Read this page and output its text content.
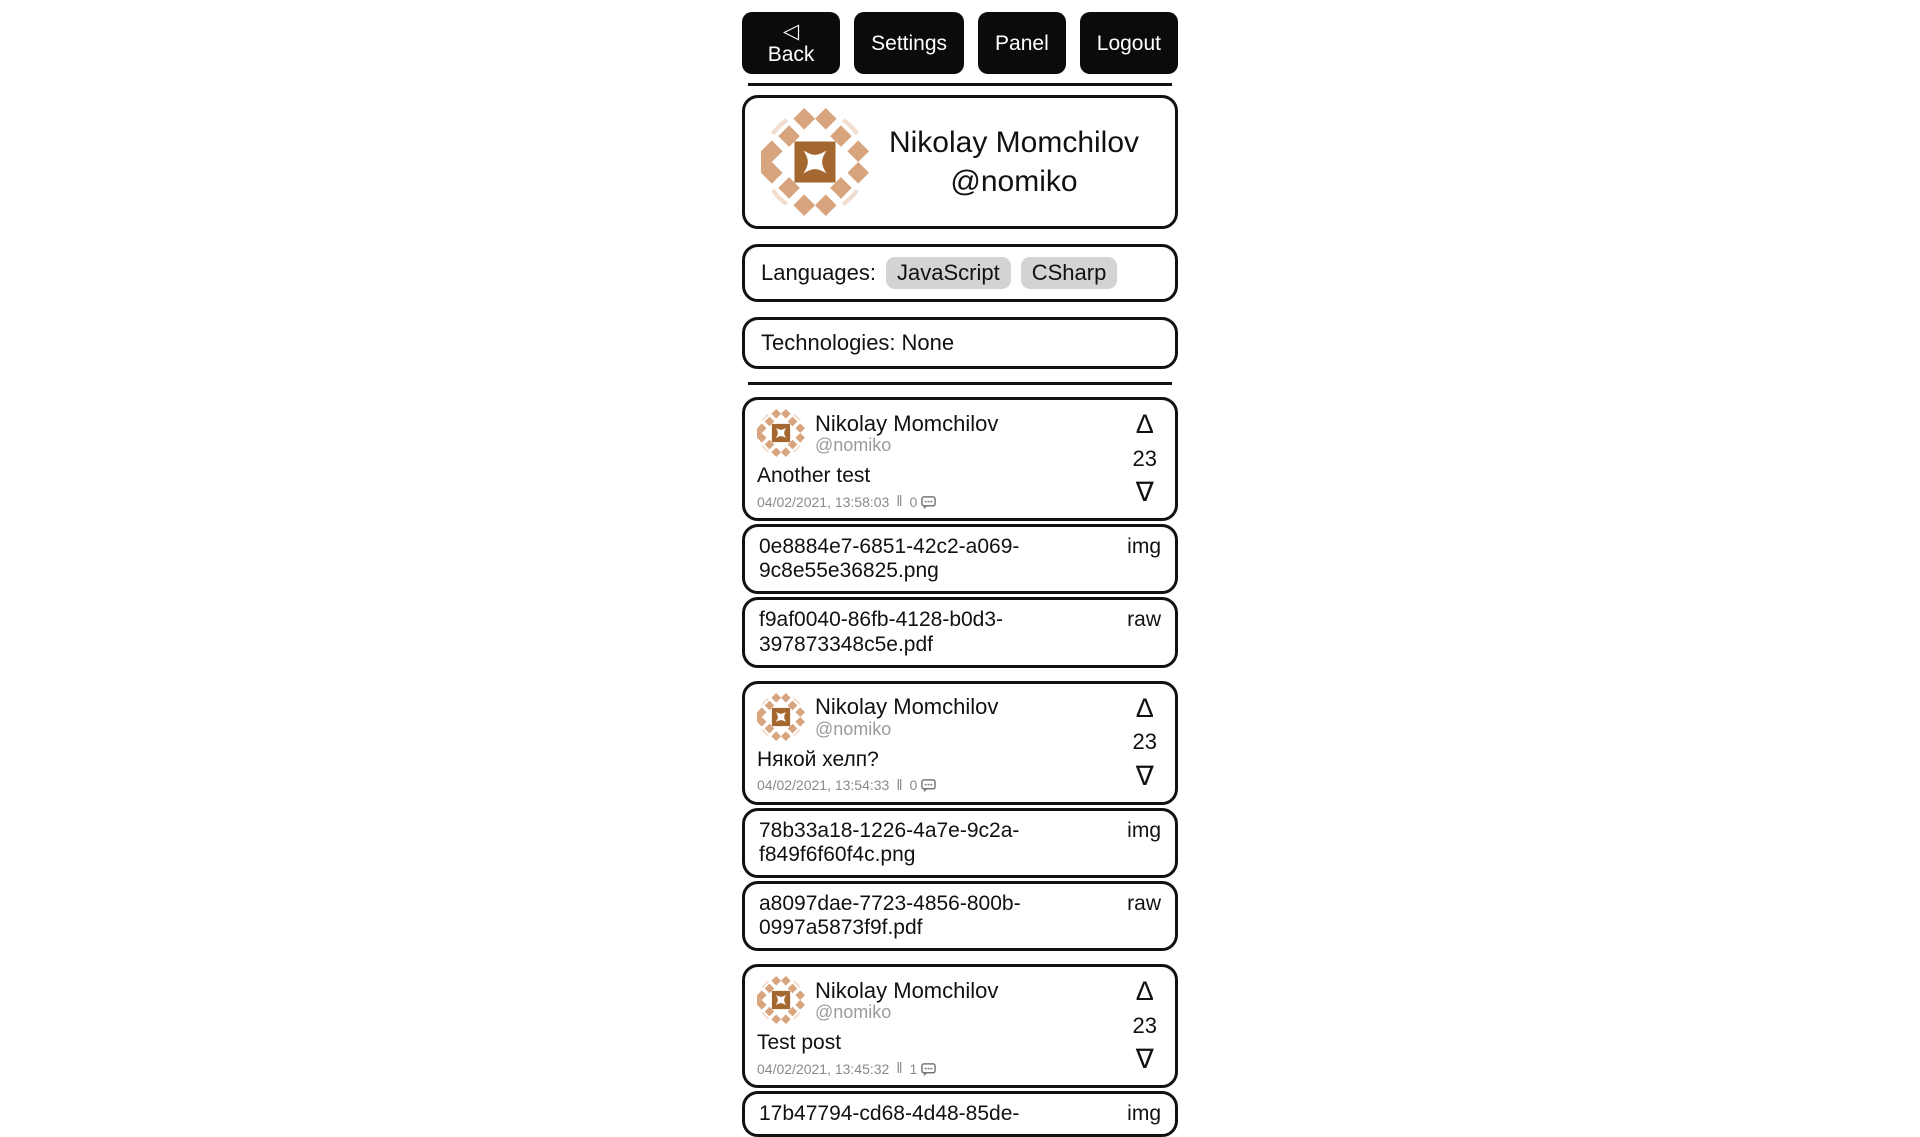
◁ Back
Settings	Panel	Logout
Nikolay Momchilov
@nomiko
Languages: JavaScript	CSharp
Technologies: None
Nikolay Momchilov
@nomiko
Another test
04/02/2021, 13:58:03 ‖ 0
Δ
23
∇
0e8884e7-6851-42c2-a069-9c8e55e36825.png
img
f9af0040-86fb-4128-b0d3-397873348c5e.pdf
raw
Nikolay Momchilov
@nomiko
Някой хелп?
04/02/2021, 13:54:33 ‖ 0
Δ
23
∇
78b33a18-1226-4a7e-9c2a-f849f6f60f4c.png
img
a8097dae-7723-4856-800b-0997a5873f9f.pdf
raw
Nikolay Momchilov
@nomiko
Test post
04/02/2021, 13:45:32 ‖ 1
Δ
23
∇
17b47794-cd68-4d48-85de-	img
